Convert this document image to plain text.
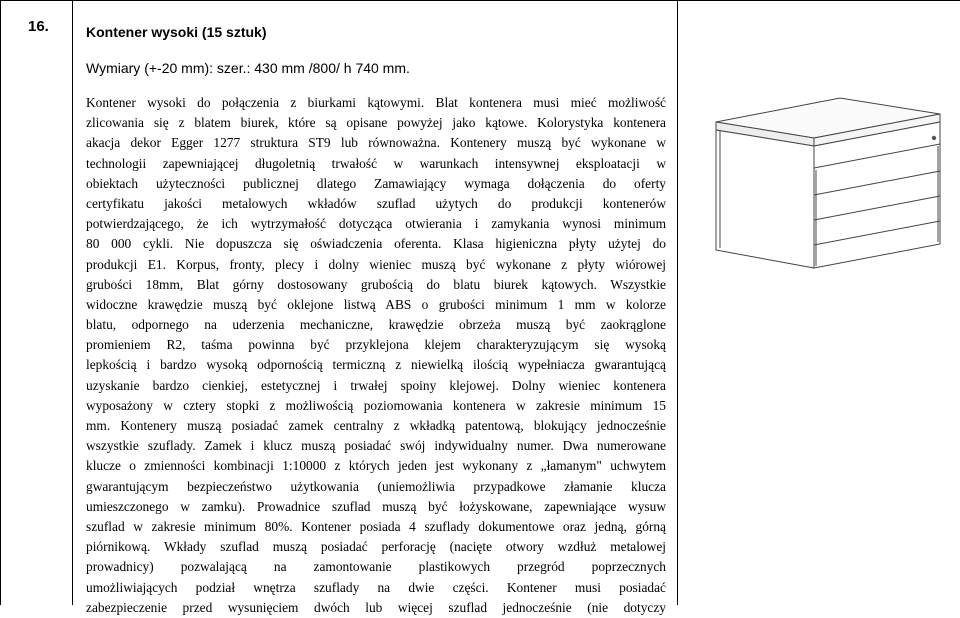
16.	Kontener wysoki (15 sztuk)
Wymiary (+-20 mm): szer.: 430 mm /800/ h 740 mm.
Kontener wysoki do połączenia z biurkami kątowymi. Blat kontenera musi mieć możliwość
zlicowania się z blatem biurek, które są opisane powyżej jako kątowe. Kolorystyka kontenera
akacja dekor Egger 1277 struktura ST9 lub równoważna. Kontenery muszą być wykonane w
technologii zapewniającej długoletnią trwałość w warunkach intensywnej eksploatacji w
obiektach użyteczności publicznej dlatego Zamawiający wymaga dołączenia do oferty
certyfikatu jakości metalowych wkładów szuflad użytych do produkcji kontenerów
potwierdzającego, że ich wytrzymałość dotycząca otwierania i zamykania wynosi minimum
80 000 cykli. Nie dopuszcza się oświadczenia oferenta. Klasa higieniczna płyty użytej do
produkcji E1. Korpus, fronty, plecy i dolny wieniec muszą być wykonane z płyty wiórowej
grubości 18mm, Blat górny dostosowany grubością do blatu biurek kątowych. Wszystkie
widoczne krawędzie muszą być oklejone listwą ABS o grubości minimum 1 mm w kolorze
blatu, odpornego na uderzenia mechaniczne, krawędzie obrzeża muszą być zaokrąglone
promieniem R2, taśma powinna być przyklejona klejem charakteryzującym się wysoką
lepkością i bardzo wysoką odpornością termiczną z niewielką ilością wypełniacza gwarantującą
uzyskanie bardzo cienkiej, estetycznej i trwałej spoiny klejowej. Dolny wieniec kontenera
wyposażony w cztery stopki z możliwością poziomowania kontenera w zakresie minimum 15
mm. Kontenery muszą posiadać zamek centralny z wkładką patentową, blokujący jednocześnie
wszystkie szuflady. Zamek i klucz muszą posiadać swój indywidualny numer. Dwa numerowane
klucze o zmienności kombinacji 1:10000 z których jeden jest wykonany z „łamanym" uchwytem
gwarantującym bezpieczeństwo użytkowania (uniemożliwia przypadkowe złamanie klucza
umieszczonego w zamku). Prowadnice szuflad muszą być łożyskowane, zapewniające wysuw
szuflad w zakresie minimum 80%. Kontener posiada 4 szuflady dokumentowe oraz jedną, górną
piórnikową. Wkłady szuflad muszą posiadać perforację (nacięte otwory wzdłuż metalowej
prowadnicy) pozwalającą na zamontowanie plastikowych przegród poprzecznych
umożliwiających podział wnętrza szuflady na dwie części. Kontener musi posiadać
zabezpieczenie przed wysunięciem dwóch lub więcej szuflad jednocześnie (nie dotyczy
